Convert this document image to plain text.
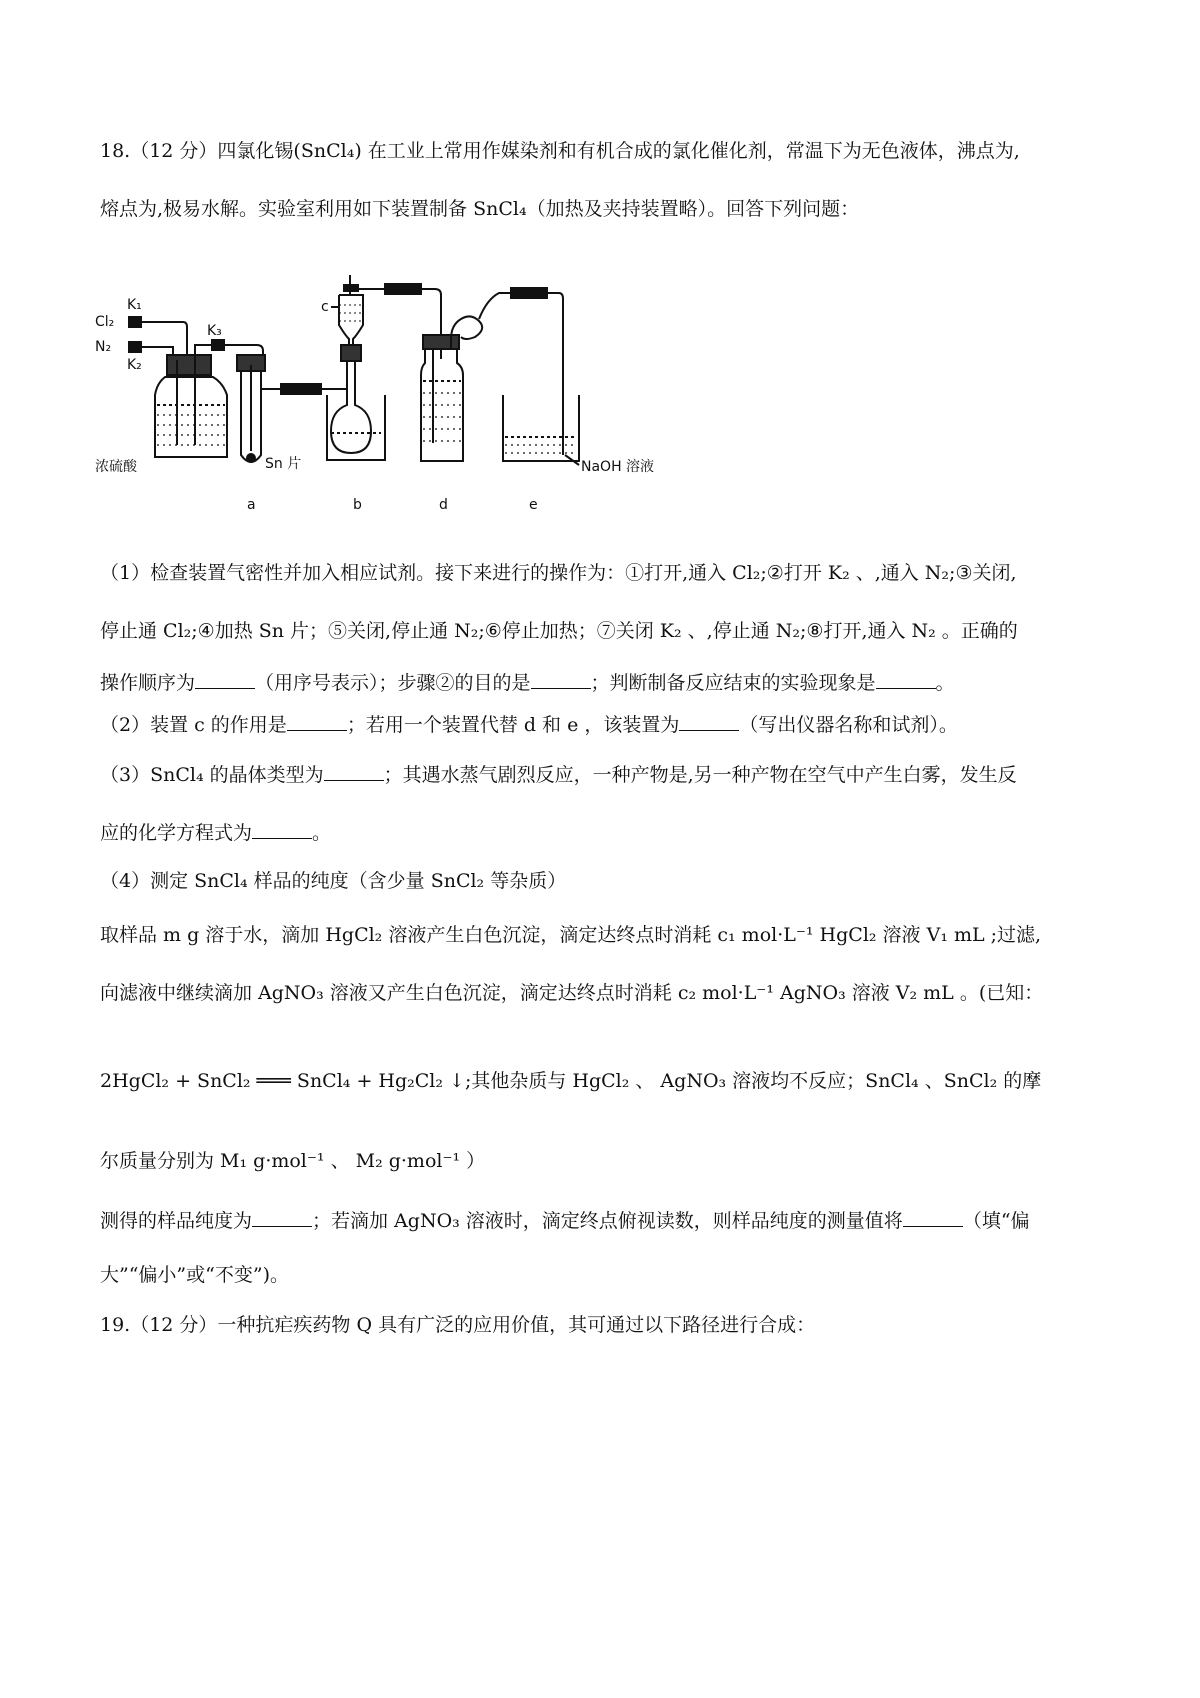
18.（12 分）四氯化锡(SnCl₄) 在工业上常用作媒染剂和有机合成的氯化催化剂，常温下为无色液体，沸点为,
熔点为,极易水解。实验室利用如下装置制备 SnCl₄（加热及夹持装置略）。回答下列问题：
K₁
Cl₂
N₂
K₂
K₃
c
浓硫酸	Sn 片
a	b	d	e
NaOH 溶液
（1）检查装置气密性并加入相应试剂。接下来进行的操作为：①打开,通入 Cl₂;②打开 K₂ 、,通入 N₂;③关闭,
停止通 Cl₂;④加热 Sn 片；⑤关闭,停止通 N₂;⑥停止加热；⑦关闭 K₂ 、,停止通 N₂;⑧打开,通入 N₂ 。正确的
操作顺序为	（用序号表示）；步骤②的目的是	；判断制备反应结束的实验现象是	。
（2）装置 c 的作用是	；若用一个装置代替 d 和 e ，该装置为	（写出仪器名称和试剂）。
（3）SnCl₄ 的晶体类型为	；其遇水蒸气剧烈反应，一种产物是,另一种产物在空气中产生白雾，发生反
应的化学方程式为	。
（4）测定 SnCl₄ 样品的纯度（含少量 SnCl₂ 等杂质）
取样品 m g 溶于水，滴加 HgCl₂ 溶液产生白色沉淀，滴定达终点时消耗 c₁ mol·L⁻¹ HgCl₂ 溶液 V₁ mL ;过滤,
向滤液中继续滴加 AgNO₃ 溶液又产生白色沉淀，滴定达终点时消耗 c₂ mol·L⁻¹ AgNO₃ 溶液 V₂ mL 。(已知：
2HgCl₂ + SnCl₂ ═══ SnCl₄ + Hg₂Cl₂ ↓;其他杂质与 HgCl₂ 、 AgNO₃ 溶液均不反应；SnCl₄ 、SnCl₂ 的摩
尔质量分别为 M₁ g·mol⁻¹ 、 M₂ g·mol⁻¹ ）
测得的样品纯度为	；若滴加 AgNO₃ 溶液时，滴定终点俯视读数，则样品纯度的测量值将	（填“偏
大”“偏小”或“不变”)。
19.（12 分）一种抗疟疾药物 Q 具有广泛的应用价值，其可通过以下路径进行合成：
